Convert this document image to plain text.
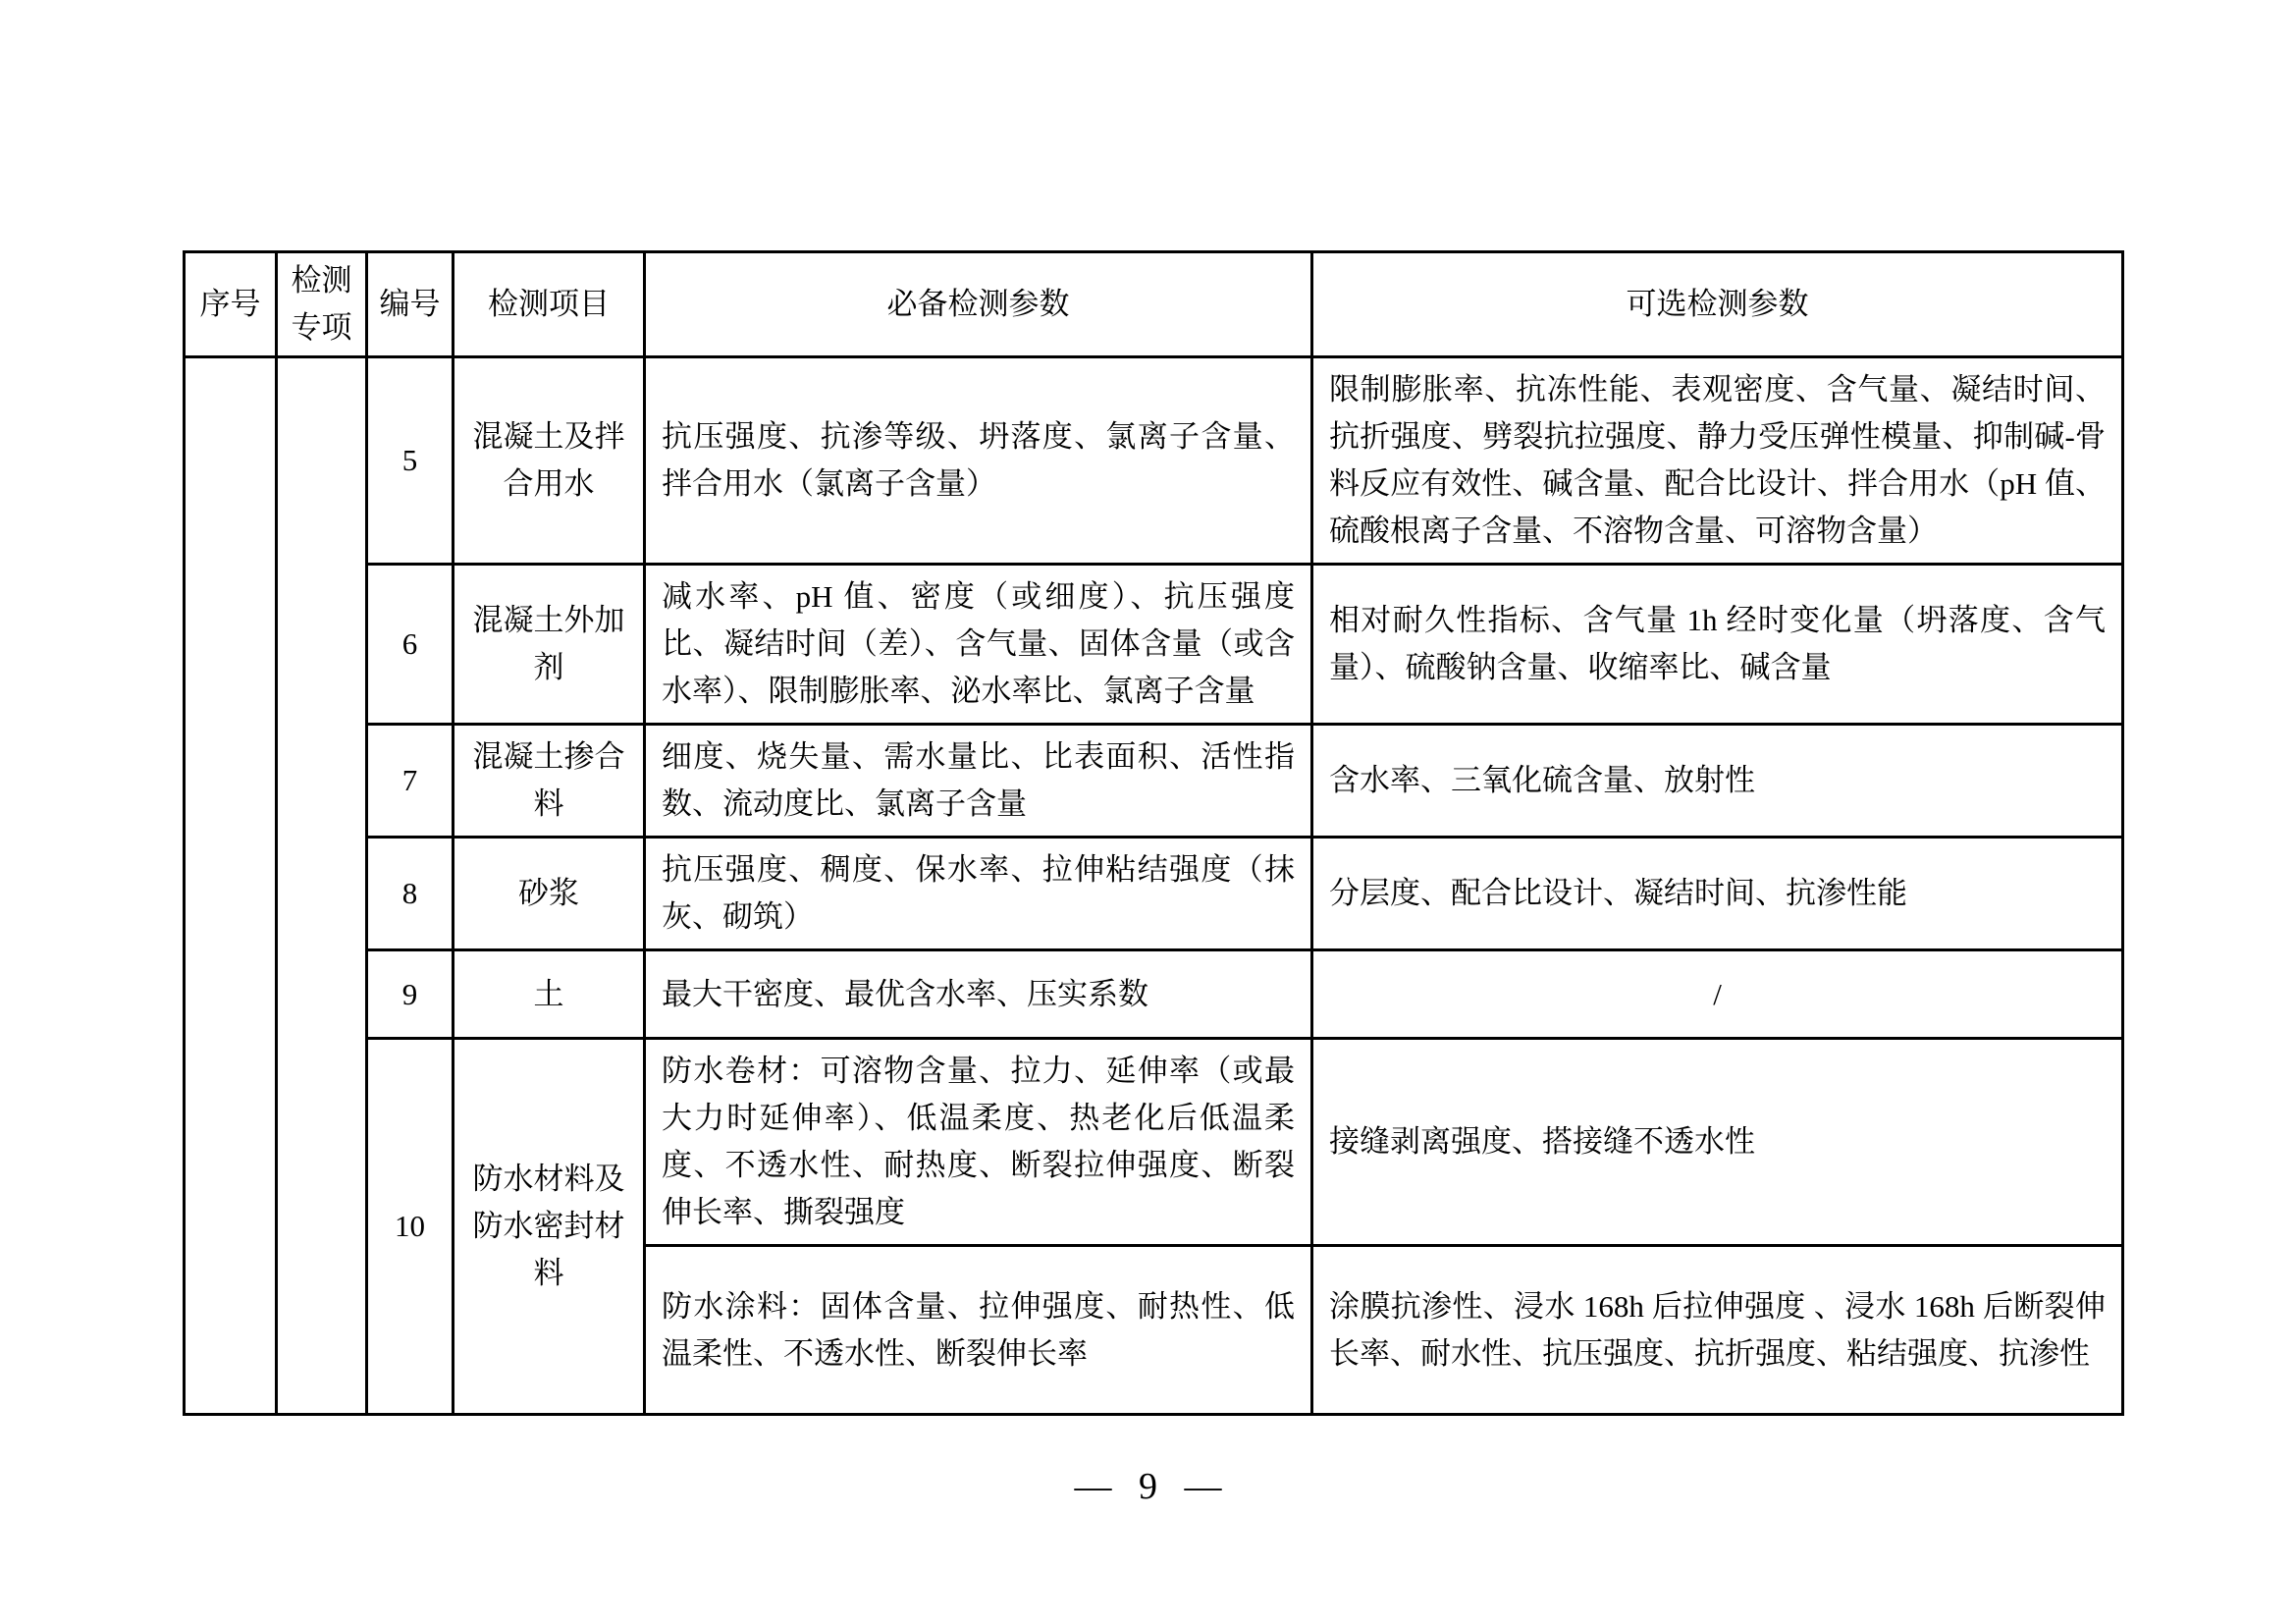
序号	检测专项	编号	检测项目	必备检测参数	可选检测参数
		5	混凝土及拌合用水	抗压强度、抗渗等级、坍落度、氯离子含量、拌合用水（氯离子含量）	限制膨胀率、抗冻性能、表观密度、含气量、凝结时间、抗折强度、劈裂抗拉强度、静力受压弹性模量、抑制碱-骨料反应有效性、碱含量、配合比设计、拌合用水（pH 值、硫酸根离子含量、不溶物含量、可溶物含量）
		6	混凝土外加剂	减水率、pH 值、密度（或细度）、抗压强度比、凝结时间（差）、含气量、固体含量（或含水率）、限制膨胀率、泌水率比、氯离子含量	相对耐久性指标、含气量 1h 经时变化量（坍落度、含气量）、硫酸钠含量、收缩率比、碱含量
		7	混凝土掺合料	细度、烧失量、需水量比、比表面积、活性指数、流动度比、氯离子含量	含水率、三氧化硫含量、放射性
		8	砂浆	抗压强度、稠度、保水率、拉伸粘结强度（抹灰、砌筑）	分层度、配合比设计、凝结时间、抗渗性能
		9	土	最大干密度、最优含水率、压实系数	/
		10	防水材料及防水密封材料	防水卷材：可溶物含量、拉力、延伸率（或最大力时延伸率）、低温柔度、热老化后低温柔度、不透水性、耐热度、断裂拉伸强度、断裂伸长率、撕裂强度	接缝剥离强度、搭接缝不透水性
				防水涂料：固体含量、拉伸强度、耐热性、低温柔性、不透水性、断裂伸长率	涂膜抗渗性、浸水 168h 后拉伸强度 、浸水 168h 后断裂伸长率、耐水性、抗压强度、抗折强度、粘结强度、抗渗性
— 9 —
